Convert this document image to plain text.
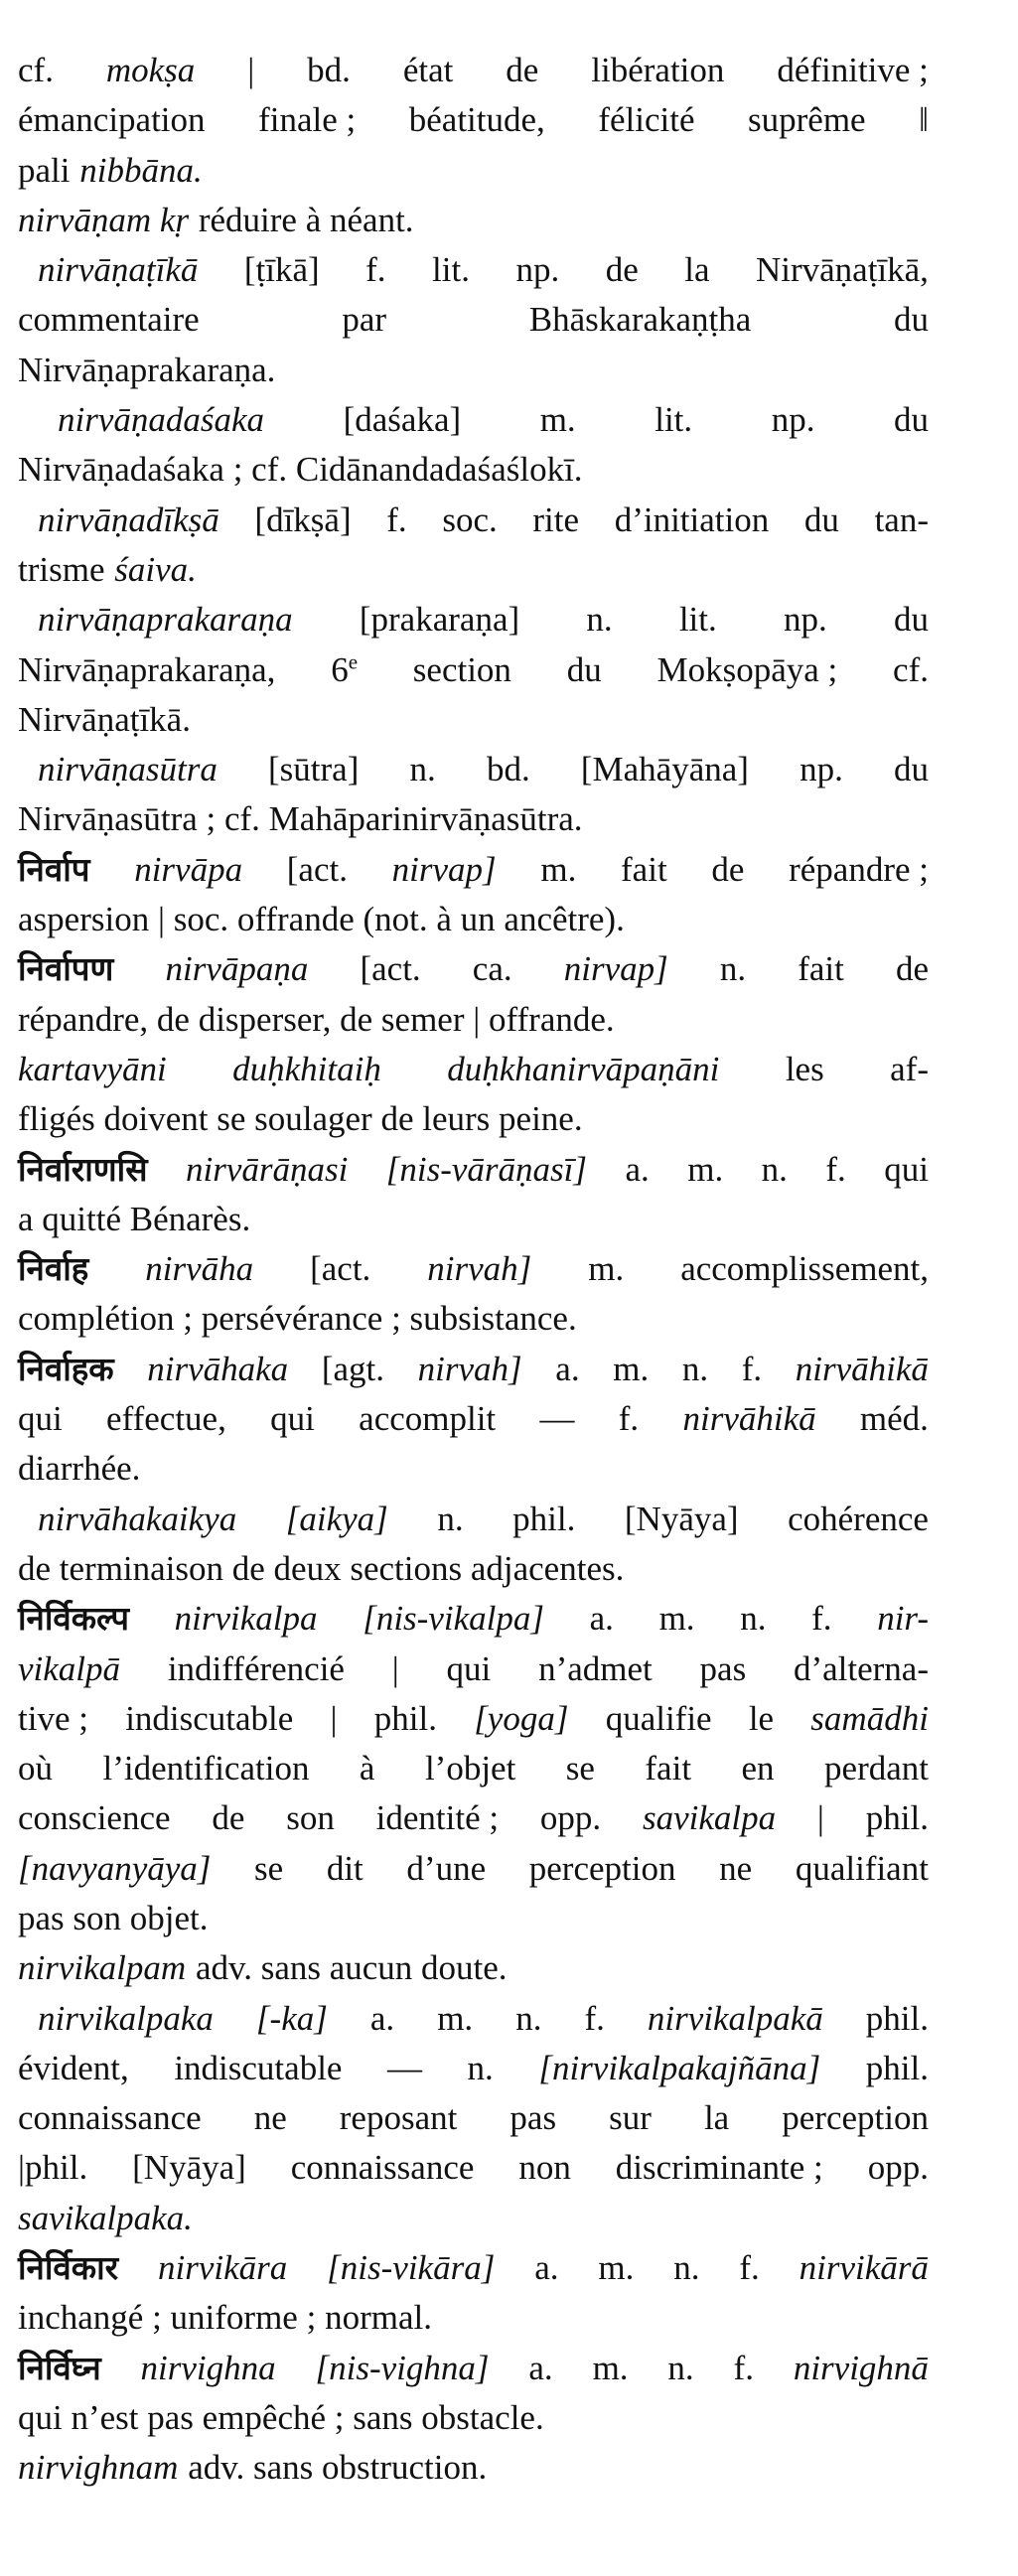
cf. mokṣa | bd. état de libération définitive ;
émancipation finale ; béatitude, félicité suprême ‖
pali nibbāna.
nirvāṇam kṛ réduire à néant.
nirvāṇaṭīkā [ṭīkā] f. lit. np. de la Nirvāṇaṭīkā,
commentaire	par	Bhāskarakaṇṭha	du
Nirvāṇaprakaraṇa.
nirvāṇadaśaka [daśaka] m. lit. np. du
Nirvāṇadaśaka ; cf. Cidānandadaśaślokī.
nirvāṇadīkṣā [dīkṣā] f. soc. rite d’initiation du tan-
trisme śaiva.
nirvāṇaprakaraṇa [prakaraṇa] n. lit. np. du
Nirvāṇaprakaraṇa, 6e section du Mokṣopāya ; cf.
Nirvāṇaṭīkā.
nirvāṇasūtra [sūtra] n. bd. [Mahāyāna] np. du
Nirvāṇasūtra ; cf. Mahāparinirvāṇasūtra.
निर्वाप nirvāpa [act. nirvap] m. fait de répandre ;
aspersion | soc. offrande (not. à un ancêtre).
निर्वापण nirvāpaṇa [act. ca. nirvap] n. fait de
répandre, de disperser, de semer | offrande.
kartavyāni duḥkhitaiḥ duḥkhanirvāpaṇāni les af-
fligés doivent se soulager de leurs peine.
निर्वाराणसि nirvārāṇasi [nis-vārāṇasī] a. m. n. f. qui
a quitté Bénarès.
निर्वाह nirvāha [act. nirvah] m. accomplissement,
complétion ; persévérance ; subsistance.
निर्वाहक nirvāhaka [agt. nirvah] a. m. n. f. nirvāhikā
qui effectue, qui accomplit — f. nirvāhikā méd.
diarrhée.
nirvāhakaikya [aikya] n. phil. [Nyāya] cohérence
de terminaison de deux sections adjacentes.
निर्विकल्प nirvikalpa [nis-vikalpa] a. m. n. f. nir-
vikalpā indifférencié | qui n’admet pas d’alterna-
tive ; indiscutable | phil. [yoga] qualifie le samādhi
où l’identification à l’objet se fait en perdant
conscience de son identité ; opp. savikalpa | phil.
[navyanyāya] se dit d’une perception ne qualifiant
pas son objet.
nirvikalpam adv. sans aucun doute.
nirvikalpaka [-ka] a. m. n. f. nirvikalpakā phil.
évident, indiscutable — n. [nirvikalpakajñāna] phil.
connaissance ne reposant pas sur la perception
|phil. [Nyāya] connaissance non discriminante ; opp.
savikalpaka.
निर्विकार nirvikāra [nis-vikāra] a. m. n. f. nirvikārā
inchangé ; uniforme ; normal.
निर्विघ्न nirvighna [nis-vighna] a. m. n. f. nirvighnā
qui n’est pas empêché ; sans obstacle.
nirvighnam adv. sans obstruction.
